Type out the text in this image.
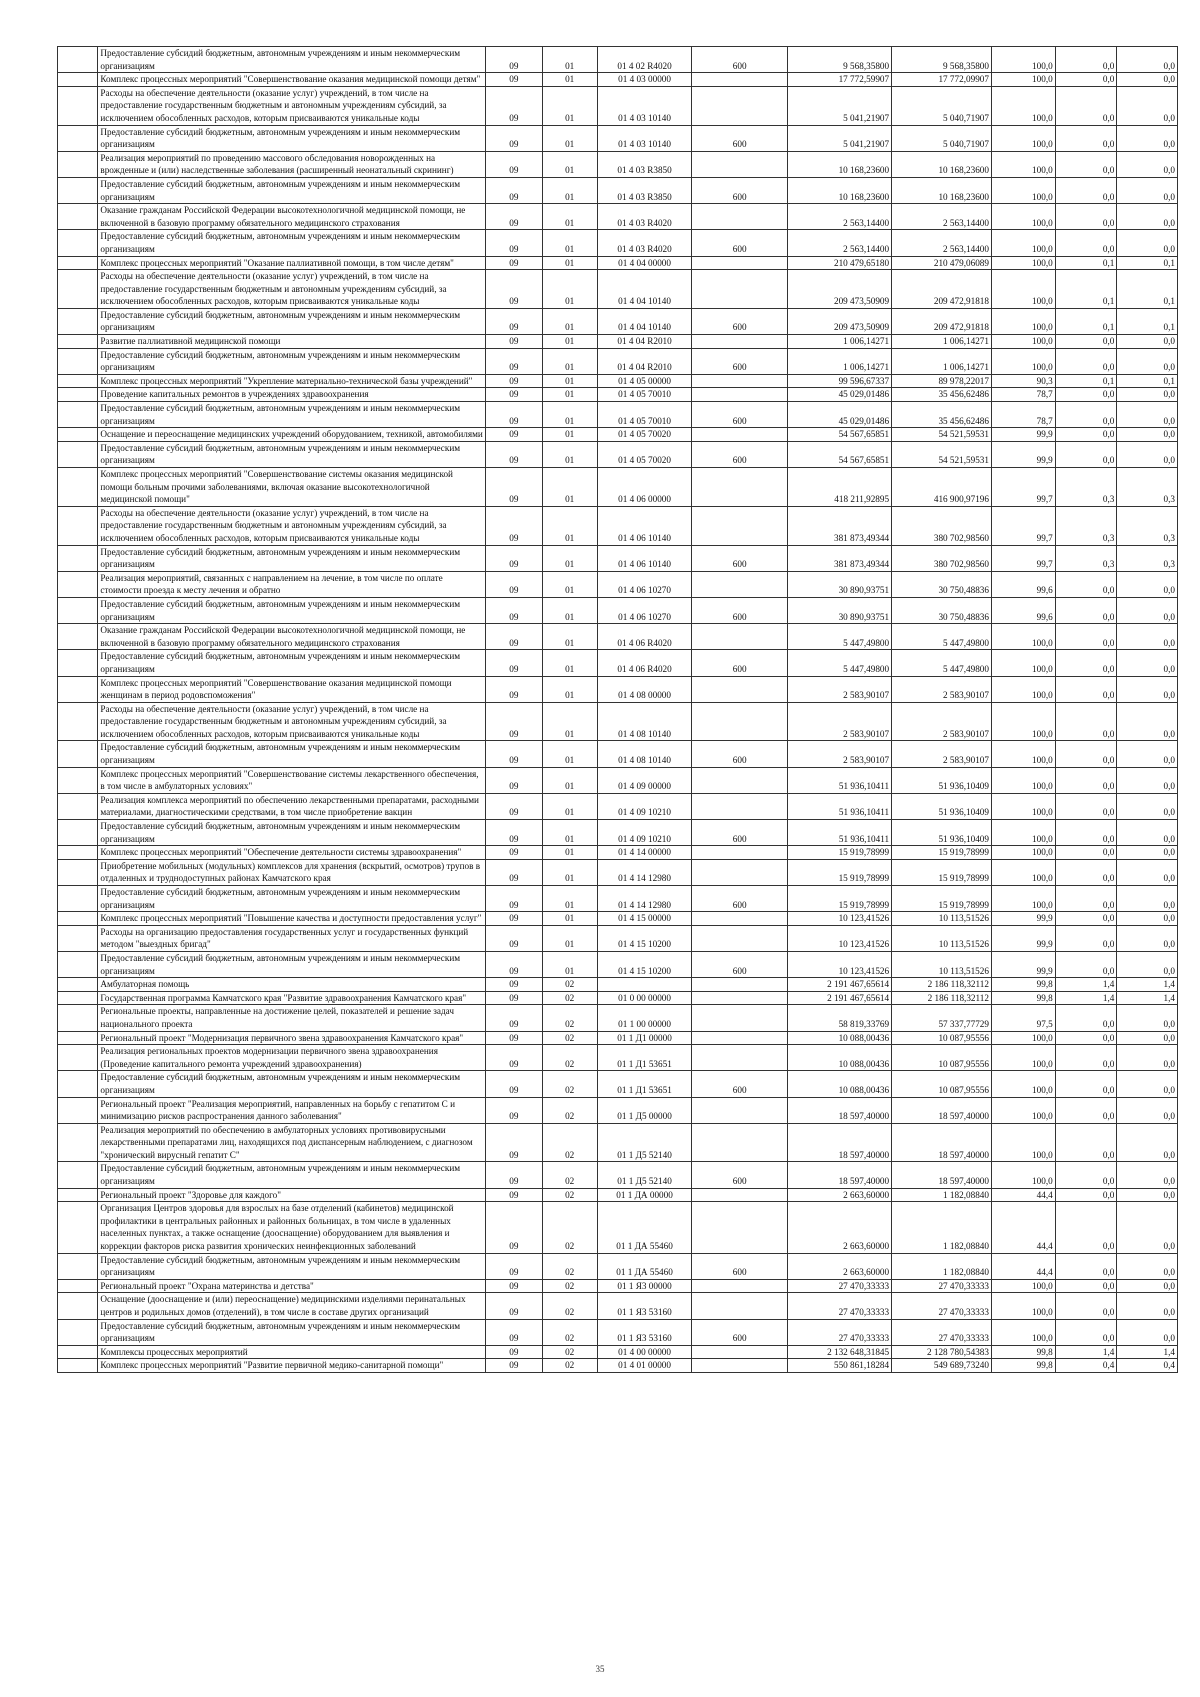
	Предоставление субсидий бюджетным, автономным учреждениям и иным некоммерческим организациям	09	01	01 4 02 R4020	600	9 568,35800	9 568,35800	100,0	0,0	0,0
	Комплекс процессных мероприятий "Совершенствование оказания медицинской помощи детям"	09	01	01 4 03 00000		17 772,59907	17 772,09907	100,0	0,0	0,0
	Расходы на обеспечение деятельности (оказание услуг) учреждений, в том числе на предоставление государственным бюджетным и автономным учреждениям субсидий, за исключением обособленных расходов, которым присваиваются уникальные коды	09	01	01 4 03 10140		5 041,21907	5 040,71907	100,0	0,0	0,0
	Предоставление субсидий бюджетным, автономным учреждениям и иным некоммерческим организациям	09	01	01 4 03 10140	600	5 041,21907	5 040,71907	100,0	0,0	0,0
	Реализация мероприятий по проведению массового обследования новорожденных на врожденные и (или) наследственные заболевания (расширенный неонатальный скрининг)	09	01	01 4 03 R3850		10 168,23600	10 168,23600	100,0	0,0	0,0
	Предоставление субсидий бюджетным, автономным учреждениям и иным некоммерческим организациям	09	01	01 4 03 R3850	600	10 168,23600	10 168,23600	100,0	0,0	0,0
	Оказание гражданам Российской Федерации высокотехнологичной медицинской помощи, не включенной в базовую программу обязательного медицинского страхования	09	01	01 4 03 R4020		2 563,14400	2 563,14400	100,0	0,0	0,0
	Предоставление субсидий бюджетным, автономным учреждениям и иным некоммерческим организациям	09	01	01 4 03 R4020	600	2 563,14400	2 563,14400	100,0	0,0	0,0
	Комплекс процессных мероприятий "Оказание паллиативной помощи, в том числе детям"	09	01	01 4 04 00000		210 479,65180	210 479,06089	100,0	0,1	0,1
	Расходы на обеспечение деятельности (оказание услуг) учреждений, в том числе на предоставление государственным бюджетным и автономным учреждениям субсидий, за исключением обособленных расходов, которым присваиваются уникальные коды	09	01	01 4 04 10140		209 473,50909	209 472,91818	100,0	0,1	0,1
	Предоставление субсидий бюджетным, автономным учреждениям и иным некоммерческим организациям	09	01	01 4 04 10140	600	209 473,50909	209 472,91818	100,0	0,1	0,1
	Развитие паллиативной медицинской помощи	09	01	01 4 04 R2010		1 006,14271	1 006,14271	100,0	0,0	0,0
	Предоставление субсидий бюджетным, автономным учреждениям и иным некоммерческим организациям	09	01	01 4 04 R2010	600	1 006,14271	1 006,14271	100,0	0,0	0,0
	Комплекс процессных мероприятий "Укрепление материально-технической базы учреждений"	09	01	01 4 05 00000		99 596,67337	89 978,22017	90,3	0,1	0,1
	Проведение капитальных ремонтов в учреждениях здравоохранения	09	01	01 4 05 70010		45 029,01486	35 456,62486	78,7	0,0	0,0
	Предоставление субсидий бюджетным, автономным учреждениям и иным некоммерческим организациям	09	01	01 4 05 70010	600	45 029,01486	35 456,62486	78,7	0,0	0,0
	Оснащение и переоснащение медицинских учреждений оборудованием, техникой, автомобилями	09	01	01 4 05 70020		54 567,65851	54 521,59531	99,9	0,0	0,0
	Предоставление субсидий бюджетным, автономным учреждениям и иным некоммерческим организациям	09	01	01 4 05 70020	600	54 567,65851	54 521,59531	99,9	0,0	0,0
	Комплекс процессных мероприятий "Совершенствование системы оказания медицинской помощи больным прочими заболеваниями, включая оказание высокотехнологичной медицинской помощи"	09	01	01 4 06 00000		418 211,92895	416 900,97196	99,7	0,3	0,3
	Расходы на обеспечение деятельности (оказание услуг) учреждений, в том числе на предоставление государственным бюджетным и автономным учреждениям субсидий, за исключением обособленных расходов, которым присваиваются уникальные коды	09	01	01 4 06 10140		381 873,49344	380 702,98560	99,7	0,3	0,3
	Предоставление субсидий бюджетным, автономным учреждениям и иным некоммерческим организациям	09	01	01 4 06 10140	600	381 873,49344	380 702,98560	99,7	0,3	0,3
	Реализация мероприятий, связанных с направлением на лечение, в том числе по оплате стоимости проезда к месту лечения и обратно	09	01	01 4 06 10270		30 890,93751	30 750,48836	99,6	0,0	0,0
	Предоставление субсидий бюджетным, автономным учреждениям и иным некоммерческим организациям	09	01	01 4 06 10270	600	30 890,93751	30 750,48836	99,6	0,0	0,0
	Оказание гражданам Российской Федерации высокотехнологичной медицинской помощи, не включенной в базовую программу обязательного медицинского страхования	09	01	01 4 06 R4020		5 447,49800	5 447,49800	100,0	0,0	0,0
	Предоставление субсидий бюджетным, автономным учреждениям и иным некоммерческим организациям	09	01	01 4 06 R4020	600	5 447,49800	5 447,49800	100,0	0,0	0,0
	Комплекс процессных мероприятий "Совершенствование оказания медицинской помощи женщинам в период родовспоможения"	09	01	01 4 08 00000		2 583,90107	2 583,90107	100,0	0,0	0,0
	Расходы на обеспечение деятельности (оказание услуг) учреждений, в том числе на предоставление государственным бюджетным и автономным учреждениям субсидий, за исключением обособленных расходов, которым присваиваются уникальные коды	09	01	01 4 08 10140		2 583,90107	2 583,90107	100,0	0,0	0,0
	Предоставление субсидий бюджетным, автономным учреждениям и иным некоммерческим организациям	09	01	01 4 08 10140	600	2 583,90107	2 583,90107	100,0	0,0	0,0
	Комплекс процессных мероприятий "Совершенствование системы лекарственного обеспечения, в том числе в амбулаторных условиях"	09	01	01 4 09 00000		51 936,10411	51 936,10409	100,0	0,0	0,0
	Реализация комплекса мероприятий по обеспечению лекарственными препаратами, расходными материалами, диагностическими средствами, в том числе приобретение вакцин	09	01	01 4 09 10210		51 936,10411	51 936,10409	100,0	0,0	0,0
	Предоставление субсидий бюджетным, автономным учреждениям и иным некоммерческим организациям	09	01	01 4 09 10210	600	51 936,10411	51 936,10409	100,0	0,0	0,0
	Комплекс процессных мероприятий "Обеспечение деятельности системы здравоохранения"	09	01	01 4 14 00000		15 919,78999	15 919,78999	100,0	0,0	0,0
	Приобретение мобильных (модульных) комплексов для хранения (вскрытий, осмотров) трупов в отдаленных и труднодоступных районах Камчатского края	09	01	01 4 14 12980		15 919,78999	15 919,78999	100,0	0,0	0,0
	Предоставление субсидий бюджетным, автономным учреждениям и иным некоммерческим организациям	09	01	01 4 14 12980	600	15 919,78999	15 919,78999	100,0	0,0	0,0
	Комплекс процессных мероприятий "Повышение качества и доступности предоставления услуг"	09	01	01 4 15 00000		10 123,41526	10 113,51526	99,9	0,0	0,0
	Расходы на организацию предоставления государственных услуг и государственных функций методом "выездных бригад"	09	01	01 4 15 10200		10 123,41526	10 113,51526	99,9	0,0	0,0
	Предоставление субсидий бюджетным, автономным учреждениям и иным некоммерческим организациям	09	01	01 4 15 10200	600	10 123,41526	10 113,51526	99,9	0,0	0,0
	Амбулаторная помощь	09	02			2 191 467,65614	2 186 118,32112	99,8	1,4	1,4
	Государственная программа Камчатского края "Развитие здравоохранения Камчатского края"	09	02	01 0 00 00000		2 191 467,65614	2 186 118,32112	99,8	1,4	1,4
	Региональные проекты, направленные на достижение целей, показателей и решение задач национального проекта	09	02	01 1 00 00000		58 819,33769	57 337,77729	97,5	0,0	0,0
	Региональный проект "Модернизация первичного звена здравоохранения Камчатского края"	09	02	01 1 Д1 00000		10 088,00436	10 087,95556	100,0	0,0	0,0
	Реализация региональных проектов модернизации первичного звена здравоохранения (Проведение капитального ремонта учреждений здравоохранения)	09	02	01 1 Д1 53651		10 088,00436	10 087,95556	100,0	0,0	0,0
	Предоставление субсидий бюджетным, автономным учреждениям и иным некоммерческим организациям	09	02	01 1 Д1 53651	600	10 088,00436	10 087,95556	100,0	0,0	0,0
	Региональный проект "Реализация мероприятий, направленных на борьбу с гепатитом С и минимизацию рисков распространения данного заболевания"	09	02	01 1 Д5 00000		18 597,40000	18 597,40000	100,0	0,0	0,0
	Реализация мероприятий по обеспечению в амбулаторных условиях противовирусными лекарственными препаратами лиц, находящихся под диспансерным наблюдением, с диагнозом "хронический вирусный гепатит С"	09	02	01 1 Д5 52140		18 597,40000	18 597,40000	100,0	0,0	0,0
	Предоставление субсидий бюджетным, автономным учреждениям и иным некоммерческим организациям	09	02	01 1 Д5 52140	600	18 597,40000	18 597,40000	100,0	0,0	0,0
	Региональный проект "Здоровье для каждого"	09	02	01 1 ДА 00000		2 663,60000	1 182,08840	44,4	0,0	0,0
	Организация Центров здоровья для взрослых на базе отделений (кабинетов) медицинской профилактики в центральных районных и районных больницах, в том числе в удаленных населенных пунктах, а также оснащение (дооснащение) оборудованием для выявления и коррекции факторов риска развития хронических неинфекционных заболеваний	09	02	01 1 ДА 55460		2 663,60000	1 182,08840	44,4	0,0	0,0
	Предоставление субсидий бюджетным, автономным учреждениям и иным некоммерческим организациям	09	02	01 1 ДА 55460	600	2 663,60000	1 182,08840	44,4	0,0	0,0
	Региональный проект "Охрана материнства и детства"	09	02	01 1 Я3 00000		27 470,33333	27 470,33333	100,0	0,0	0,0
	Оснащение (дооснащение и (или) переоснащение) медицинскими изделиями перинатальных центров и родильных домов (отделений), в том числе в составе других организаций	09	02	01 1 Я3 53160		27 470,33333	27 470,33333	100,0	0,0	0,0
	Предоставление субсидий бюджетным, автономным учреждениям и иным некоммерческим организациям	09	02	01 1 Я3 53160	600	27 470,33333	27 470,33333	100,0	0,0	0,0
	Комплексы процессных мероприятий	09	02	01 4 00 00000		2 132 648,31845	2 128 780,54383	99,8	1,4	1,4
	Комплекс процессных мероприятий "Развитие первичной медико-санитарной помощи"	09	02	01 4 01 00000		550 861,18284	549 689,73240	99,8	0,4	0,4
35
